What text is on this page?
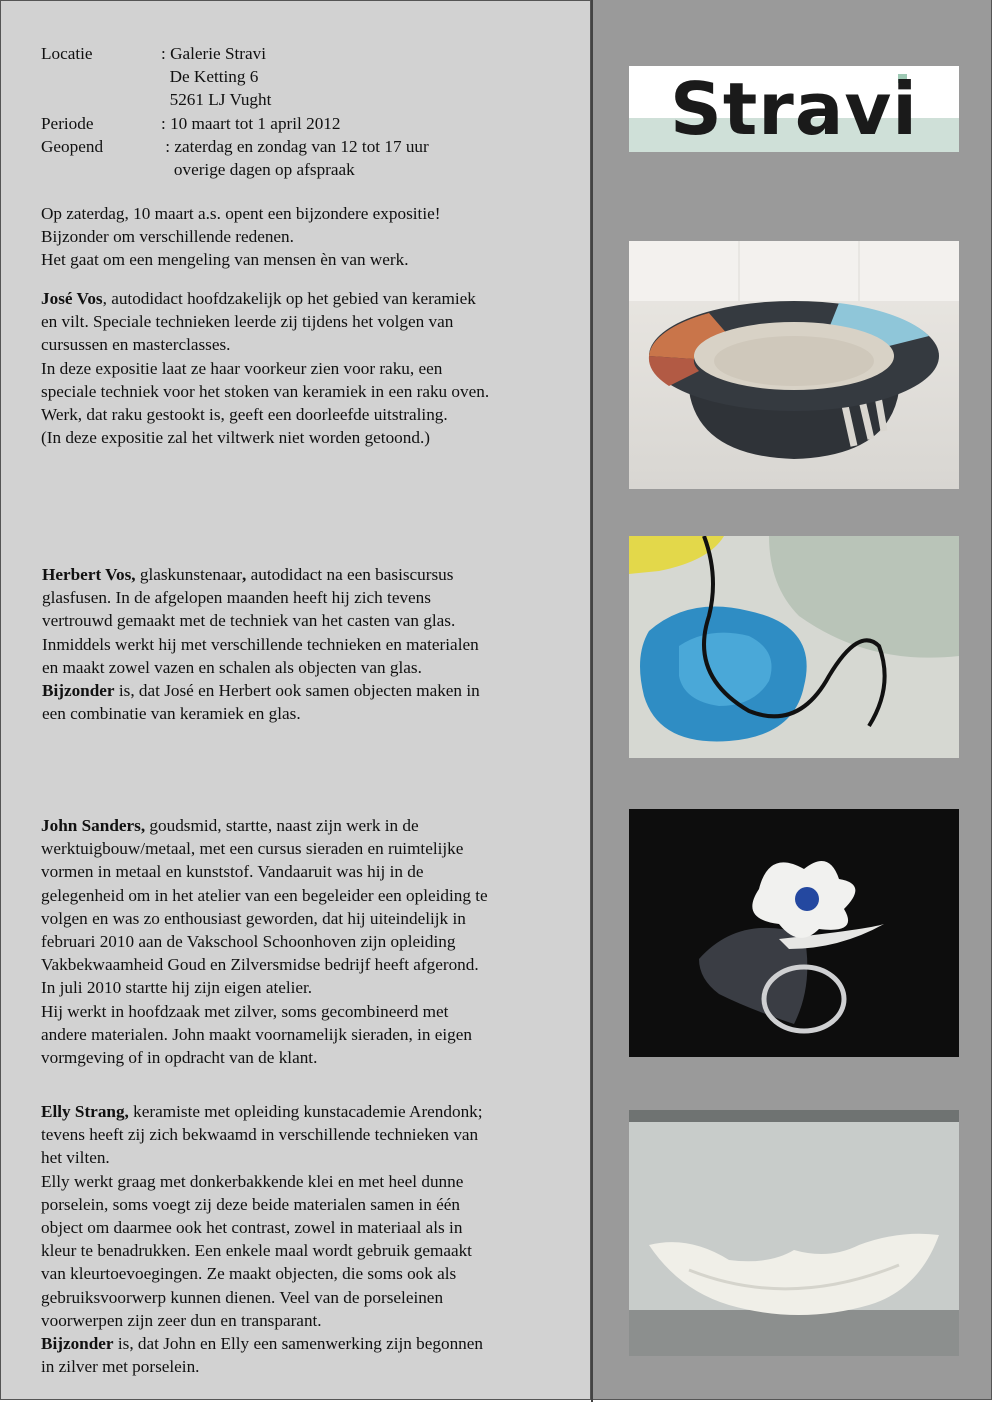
Locatie	: Galerie Stravi
De Ketting 6
5261 LJ Vught
Periode	: 10 maart tot 1 april 2012
Geopend	: zaterdag en zondag van 12 tot 17 uur
overige dagen op afspraak

Op zaterdag, 10 maart a.s. opent een bijzondere expositie!

Bijzonder om verschillende redenen.

Het gaat om een mengeling van mensen èn van werk.

José Vos, autodidact hoofdzakelijk op het gebied van keramiek

en vilt. Speciale technieken leerde zij tijdens het volgen van

cursussen en masterclasses.

In deze expositie laat ze haar voorkeur zien voor raku, een

speciale techniek voor het stoken van keramiek in een raku oven.

Werk, dat raku gestookt is, geeft een doorleefde uitstraling.

(In deze expositie zal het viltwerk niet worden getoond.)

Herbert Vos, glaskunstenaar, autodidact na een basiscursus

glasfusen. In de afgelopen maanden heeft hij zich tevens

vertrouwd gemaakt met de techniek van het casten van glas.

Inmiddels werkt hij met verschillende technieken en materialen

en maakt zowel vazen en schalen als objecten van glas.

Bijzonder is, dat José en Herbert ook samen objecten maken in

een combinatie van keramiek en glas.

John Sanders, goudsmid, startte, naast zijn werk in de

werktuigbouw/metaal, met een cursus sieraden en ruimtelijke

vormen in metaal en kunststof. Vandaaruit was hij in de

gelegenheid om in het atelier van een begeleider een opleiding te

volgen en was zo enthousiast geworden, dat hij uiteindelijk in

februari 2010 aan de Vakschool Schoonhoven zijn opleiding

Vakbekwaamheid Goud en Zilversmidse bedrijf heeft afgerond.

In juli 2010 startte hij zijn eigen atelier.

Hij werkt in hoofdzaak met zilver, soms gecombineerd met

andere materialen. John maakt voornamelijk sieraden, in eigen

vormgeving of in opdracht van de klant.

Elly Strang, keramiste met opleiding kunstacademie Arendonk;

tevens heeft zij zich bekwaamd in verschillende technieken van

het vilten.

Elly werkt graag met donkerbakkende klei en met heel dunne

porselein, soms voegt zij deze beide materialen samen in één

object om daarmee ook het contrast, zowel in materiaal als in

kleur te benadrukken. Een enkele maal wordt gebruik gemaakt

van kleurtoevoegingen. Ze maakt objecten, die soms ook als

gebruiksvoorwerp kunnen dienen. Veel van de porseleinen

voorwerpen zijn zeer dun en transparant.

Bijzonder is, dat John en Elly een samenwerking zijn begonnen

in zilver met porselein.

Stravi
